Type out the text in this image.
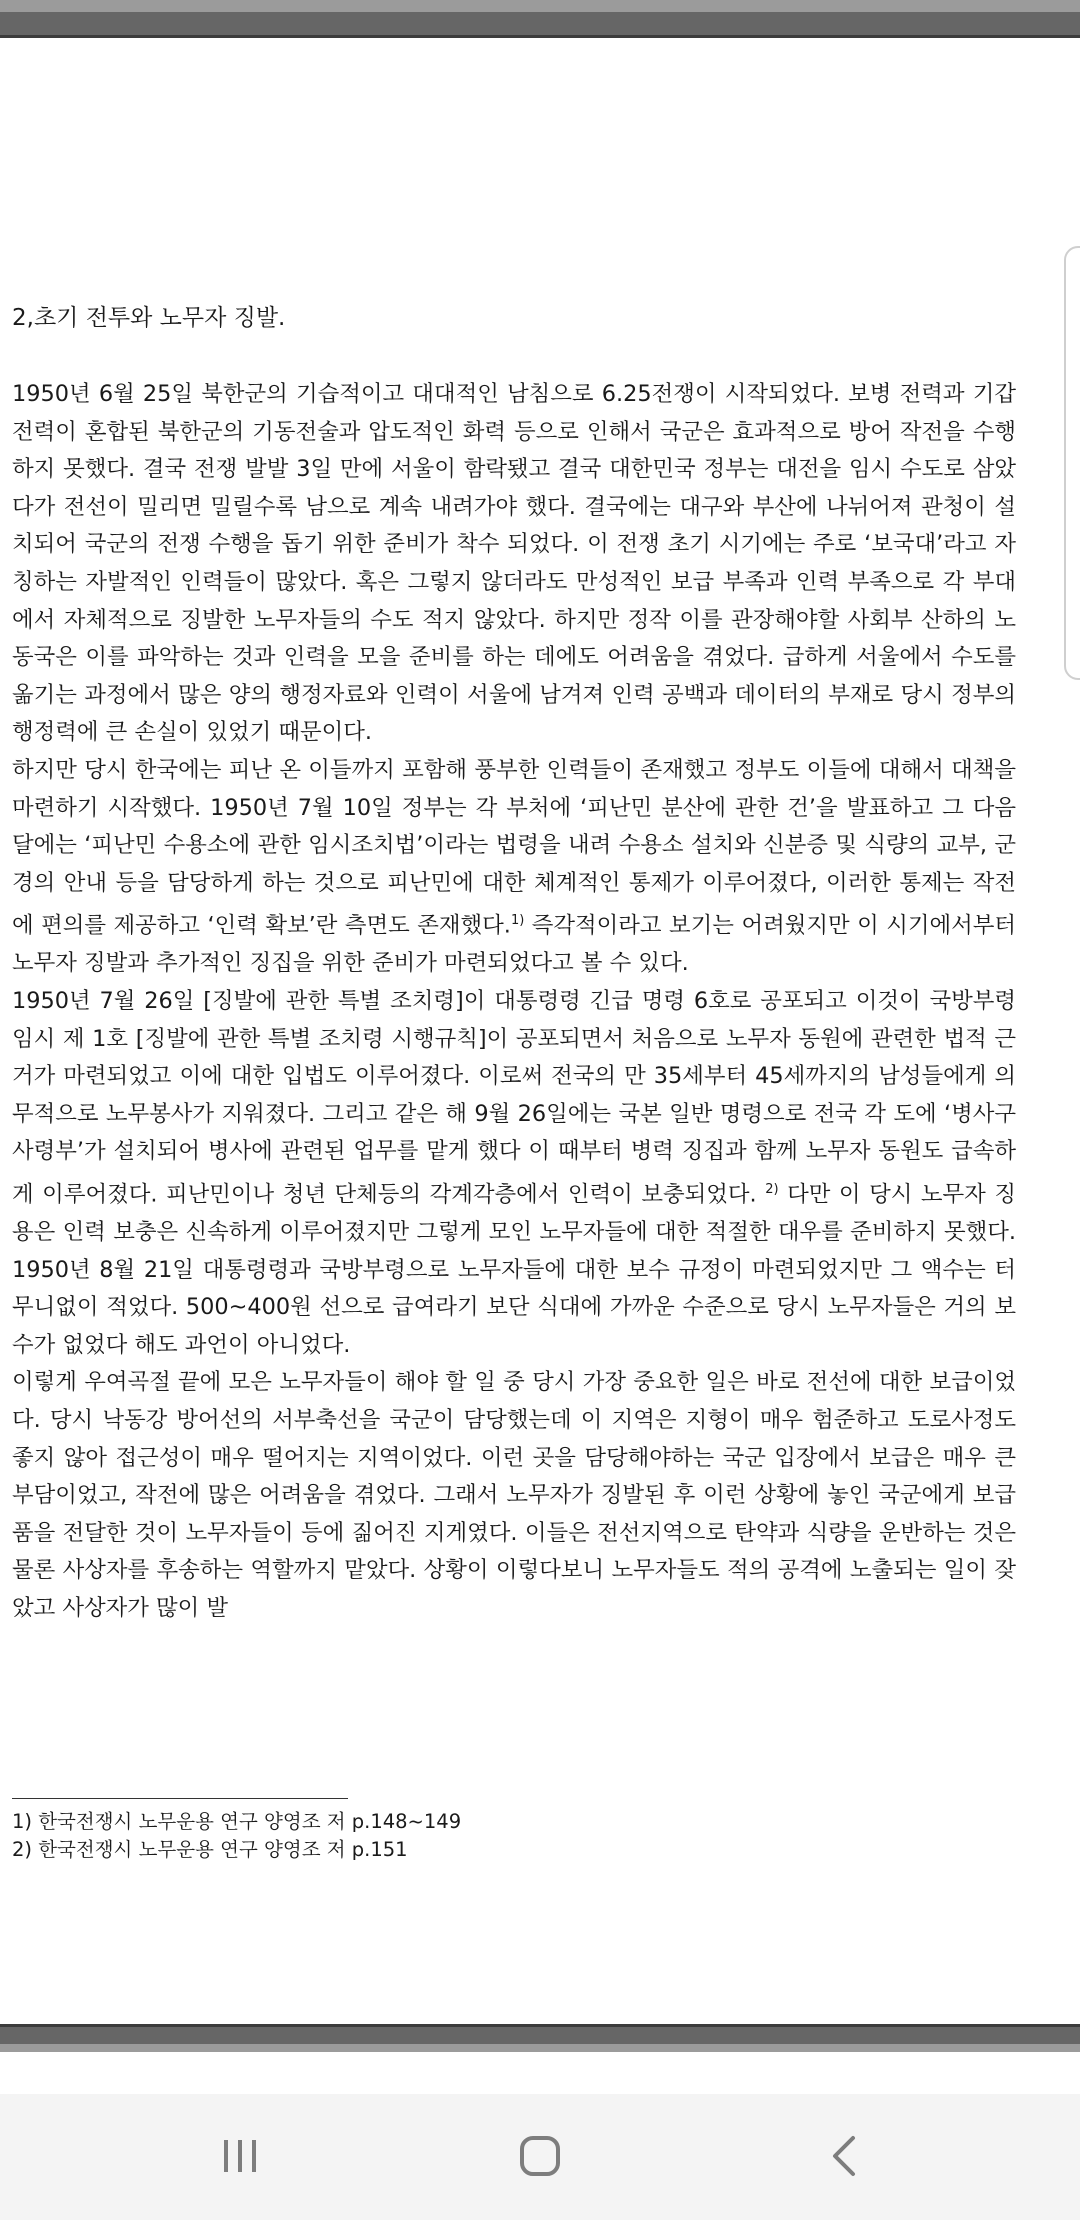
2,초기 전투와 노무자 징발.

1950년 6월 25일 북한군의 기습적이고 대대적인 남침으로 6.25전쟁이 시작되었다. 보병 전력과 기갑 전력이 혼합된 북한군의 기동전술과 압도적인 화력 등으로 인해서 국군은 효과적으로 방어 작전을 수행하지 못했다. 결국 전쟁 발발 3일 만에 서울이 함락됐고 결국 대한민국 정부는 대전을 임시 수도로 삼았다가 전선이 밀리면 밀릴수록 남으로 계속 내려가야 했다. 결국에는 대구와 부산에 나뉘어져 관청이 설치되어 국군의 전쟁 수행을 돕기 위한 준비가 착수 되었다. 이 전쟁 초기 시기에는 주로 ‘보국대’라고 자칭하는 자발적인 인력들이 많았다. 혹은 그렇지 않더라도 만성적인 보급 부족과 인력 부족으로 각 부대에서 자체적으로 징발한 노무자들의 수도 적지 않았다. 하지만 정작 이를 관장해야할 사회부 산하의 노동국은 이를 파악하는 것과 인력을 모을 준비를 하는 데에도 어려움을 겪었다. 급하게 서울에서 수도를 옮기는 과정에서 많은 양의 행정자료와 인력이 서울에 남겨져 인력 공백과 데이터의 부재로 당시 정부의 행정력에 큰 손실이 있었기 때문이다.

하지만 당시 한국에는 피난 온 이들까지 포함해 풍부한 인력들이 존재했고 정부도 이들에 대해서 대책을 마련하기 시작했다. 1950년 7월 10일 정부는 각 부처에 ‘피난민 분산에 관한 건’을 발표하고 그 다음 달에는 ‘피난민 수용소에 관한 임시조치법’이라는 법령을 내려 수용소 설치와 신분증 및 식량의 교부, 군경의 안내 등을 담당하게 하는 것으로 피난민에 대한 체계적인 통제가 이루어졌다, 이러한 통제는 작전에 편의를 제공하고 ‘인력 확보’란 측면도 존재했다.$^{1)}$ 즉각적이라고 보기는 어려웠지만 이 시기에서부터 노무자 징발과 추가적인 징집을 위한 준비가 마련되었다고 볼 수 있다.

1950년 7월 26일 [징발에 관한 특별 조치령]이 대통령령 긴급 명령 6호로 공포되고 이것이 국방부령 임시 제 1호 [징발에 관한 특별 조치령 시행규칙]이 공포되면서 처음으로 노무자 동원에 관련한 법적 근거가 마련되었고 이에 대한 입법도 이루어졌다. 이로써 전국의 만 35세부터 45세까지의 남성들에게 의무적으로 노무봉사가 지워졌다. 그리고 같은 해 9월 26일에는 국본 일반 명령으로 전국 각 도에 ‘병사구사령부’가 설치되어 병사에 관련된 업무를 맡게 했다 이 때부터 병력 징집과 함께 노무자 동원도 급속하게 이루어졌다. 피난민이나 청년 단체등의 각계각층에서 인력이 보충되었다. $^{2)}$ 다만 이 당시 노무자 징용은 인력 보충은 신속하게 이루어졌지만 그렇게 모인 노무자들에 대한 적절한 대우를 준비하지 못했다. 1950년 8월 21일 대통령령과 국방부령으로 노무자들에 대한 보수 규정이 마련되었지만 그 액수는 터무니없이 적었다. 500~400원 선으로 급여라기 보단 식대에 가까운 수준으로 당시 노무자들은 거의 보수가 없었다 해도 과언이 아니었다.

이렇게 우여곡절 끝에 모은 노무자들이 해야 할 일 중 당시 가장 중요한 일은 바로 전선에 대한 보급이었다. 당시 낙동강 방어선의 서부축선을 국군이 담당했는데 이 지역은 지형이 매우 험준하고 도로사정도 좋지 않아 접근성이 매우 떨어지는 지역이었다. 이런 곳을 담당해야하는 국군 입장에서 보급은 매우 큰 부담이었고, 작전에 많은 어려움을 겪었다. 그래서 노무자가 징발된 후 이런 상황에 놓인 국군에게 보급품을 전달한 것이 노무자들이 등에 짊어진 지게였다. 이들은 전선지역으로 탄약과 식량을 운반하는 것은 물론 사상자를 후송하는 역할까지 맡았다. 상황이 이렇다보니 노무자들도 적의 공격에 노출되는 일이 잦았고 사상자가 많이 발

1) 한국전쟁시 노무운용 연구 양영조 저 p.148~149
2) 한국전쟁시 노무운용 연구 양영조 저 p.151
